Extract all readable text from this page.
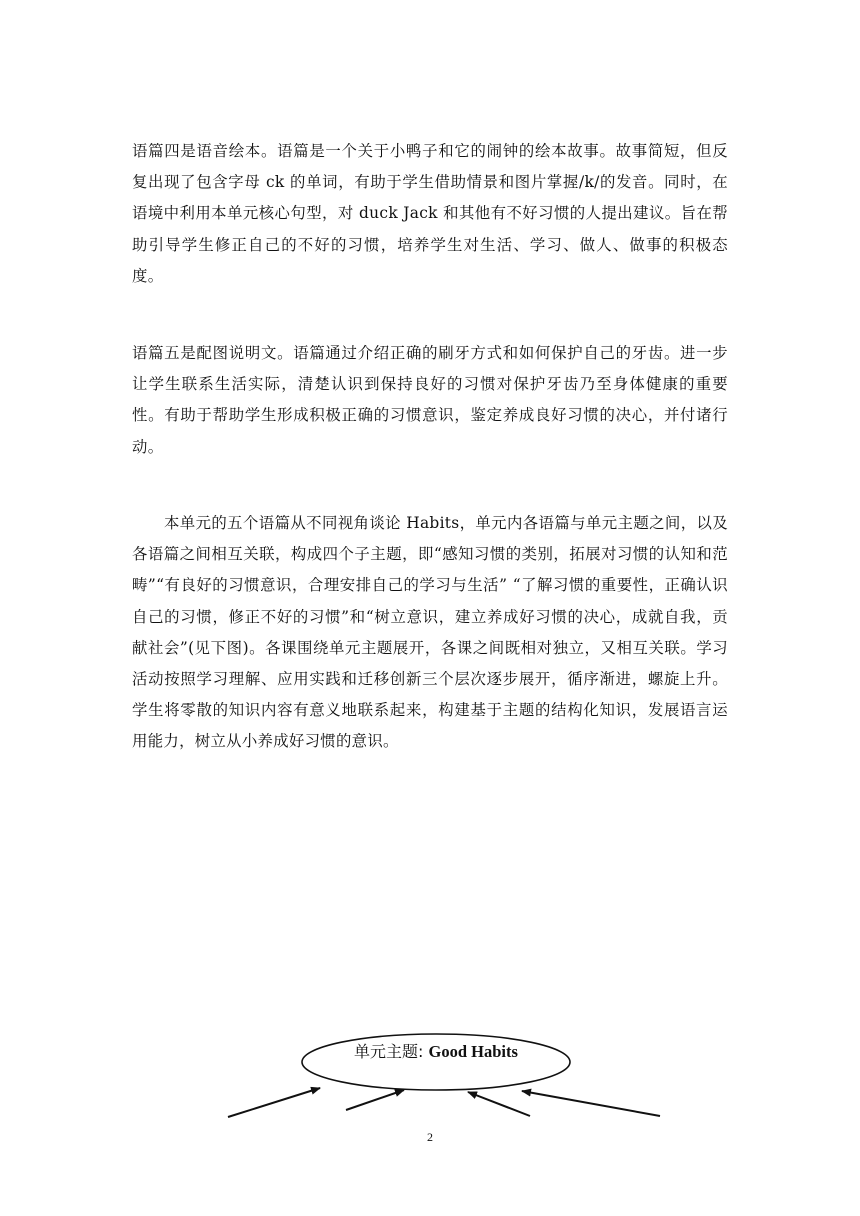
语篇四是语音绘本。语篇是一个关于小鸭子和它的闹钟的绘本故事。故事简短，但反复出现了包含字母 ck 的单词，有助于学生借助情景和图片掌握/k/的发音。同时，在语境中利用本单元核心句型，对 duck Jack 和其他有不好习惯的人提出建议。旨在帮助引导学生修正自己的不好的习惯，培养学生对生活、学习、做人、做事的积极态度。

语篇五是配图说明文。语篇通过介绍正确的刷牙方式和如何保护自己的牙齿。进一步让学生联系生活实际，清楚认识到保持良好的习惯对保护牙齿乃至身体健康的重要性。有助于帮助学生形成积极正确的习惯意识，鉴定养成良好习惯的决心，并付诸行动。

本单元的五个语篇从不同视角谈论 Habits，单元内各语篇与单元主题之间，以及各语篇之间相互关联，构成四个子主题，即“感知习惯的类别，拓展对习惯的认知和范畴”“有良好的习惯意识，合理安排自己的学习与生活” “了解习惯的重要性，正确认识自己的习惯，修正不好的习惯”和“树立意识，建立养成好习惯的决心，成就自我，贡献社会”(见下图)。各课围绕单元主题展开，各课之间既相对独立，又相互关联。学习活动按照学习理解、应用实践和迁移创新三个层次逐步展开，循序渐进，螺旋上升。学生将零散的知识内容有意义地联系起来，构建基于主题的结构化知识，发展语言运用能力，树立从小养成好习惯的意识。

单元主题: Good Habits
2
